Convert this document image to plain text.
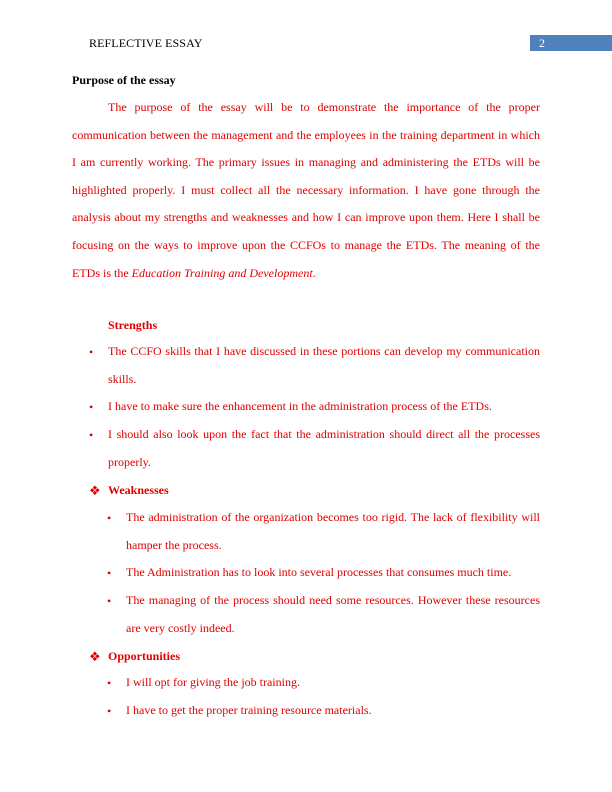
REFLECTIVE ESSAY	2
Purpose of the essay

The purpose of the essay will be to demonstrate the importance of the proper communication between the management and the employees in the training department in which I am currently working. The primary issues in managing and administering the ETDs will be highlighted properly. I must collect all the necessary information. I have gone through the analysis about my strengths and weaknesses and how I can improve upon them. Here I shall be focusing on the ways to improve upon the CCFOs to manage the ETDs. The meaning of the ETDs is the Education Training and Development.

Strengths
• The CCFO skills that I have discussed in these portions can develop my communication skills.
• I have to make sure the enhancement in the administration process of the ETDs.
• I should also look upon the fact that the administration should direct all the processes properly.
❖ Weaknesses
• The administration of the organization becomes too rigid. The lack of flexibility will hamper the process.
• The Administration has to look into several processes that consumes much time.
• The managing of the process should need some resources. However these resources are very costly indeed.
❖ Opportunities
• I will opt for giving the job training.
• I have to get the proper training resource materials.
